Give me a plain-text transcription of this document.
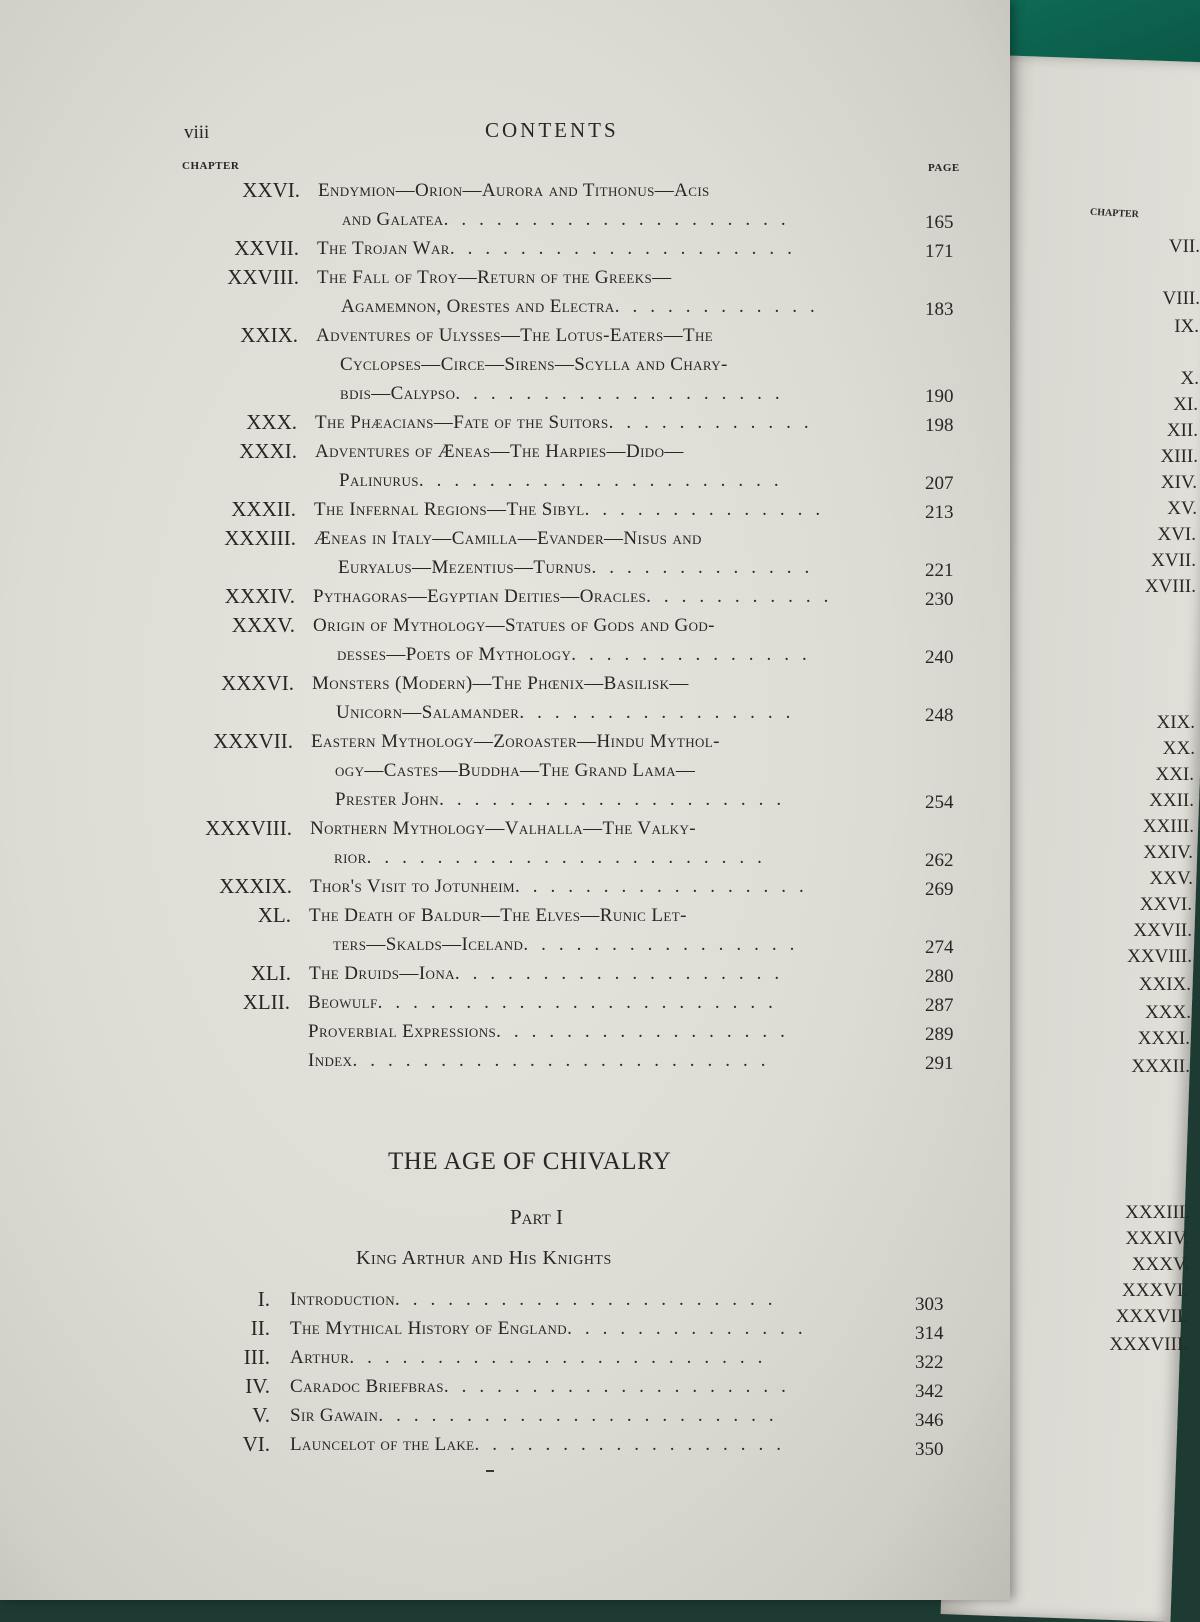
CHAPTER
VII.
VIII.
IX.
X.
XI.
XII.
XIII.
XIV.
XV.
XVI.
XVII.
XVIII.
XIX.
XX.
XXI.
XXII.
XXIII.
XXIV.
XXV.
XXVI.
XXVII.
XXVIII.
XXIX.
XXX.
XXXI.
XXXII.
XXXIII.
XXXIV.
XXXV.
XXXVI.
XXXVII.
XXXVIII.
viii	CONTENTS
CHAPTER	PAGE
XXVI. Endymion—Orion—Aurora and Tithonus—Acis
and Galatea....................	165
XXVII. The Trojan War....................	171
XXVIII. The Fall of Troy—Return of the Greeks—
Agamemnon, Orestes and Electra............	183
XXIX. Adventures of Ulysses—The Lotus-Eaters—The
Cyclopses—Circe—Sirens—Scylla and Chary-
bdis—Calypso...................	190
XXX. The Phæacians—Fate of the Suitors............	198
XXXI. Adventures of Æneas—The Harpies—Dido—
Palinurus.....................	207
XXXII. The Infernal Regions—The Sibyl..............	213
XXXIII. Æneas in Italy—Camilla—Evander—Nisus and
Euryalus—Mezentius—Turnus.............	221
XXXIV. Pythagoras—Egyptian Deities—Oracles...........	230
XXXV. Origin of Mythology—Statues of Gods and God-
desses—Poets of Mythology..............	240
XXXVI. Monsters (Modern)—The Phœnix—Basilisk—
Unicorn—Salamander................	248
XXXVII. Eastern Mythology—Zoroaster—Hindu Mythol-
ogy—Castes—Buddha—The Grand Lama—
Prester John....................	254
XXXVIII. Northern Mythology—Valhalla—The Valky-
rior.......................	262
XXXIX. Thor's Visit to Jotunheim.................	269
XL. The Death of Baldur—The Elves—Runic Let-
ters—Skalds—Iceland................	274
XLI. The Druids—Iona...................	280
XLII. Beowulf.......................	287
Proverbial Expressions.................	289
Index........................	291
THE AGE OF CHIVALRY
Part I
King Arthur and His Knights
I. Introduction......................	303
II. The Mythical History of England..............	314
III. Arthur........................	322
IV. Caradoc Briefbras....................	342
V. Sir Gawain.......................	346
VI. Launcelot of the Lake..................	350
